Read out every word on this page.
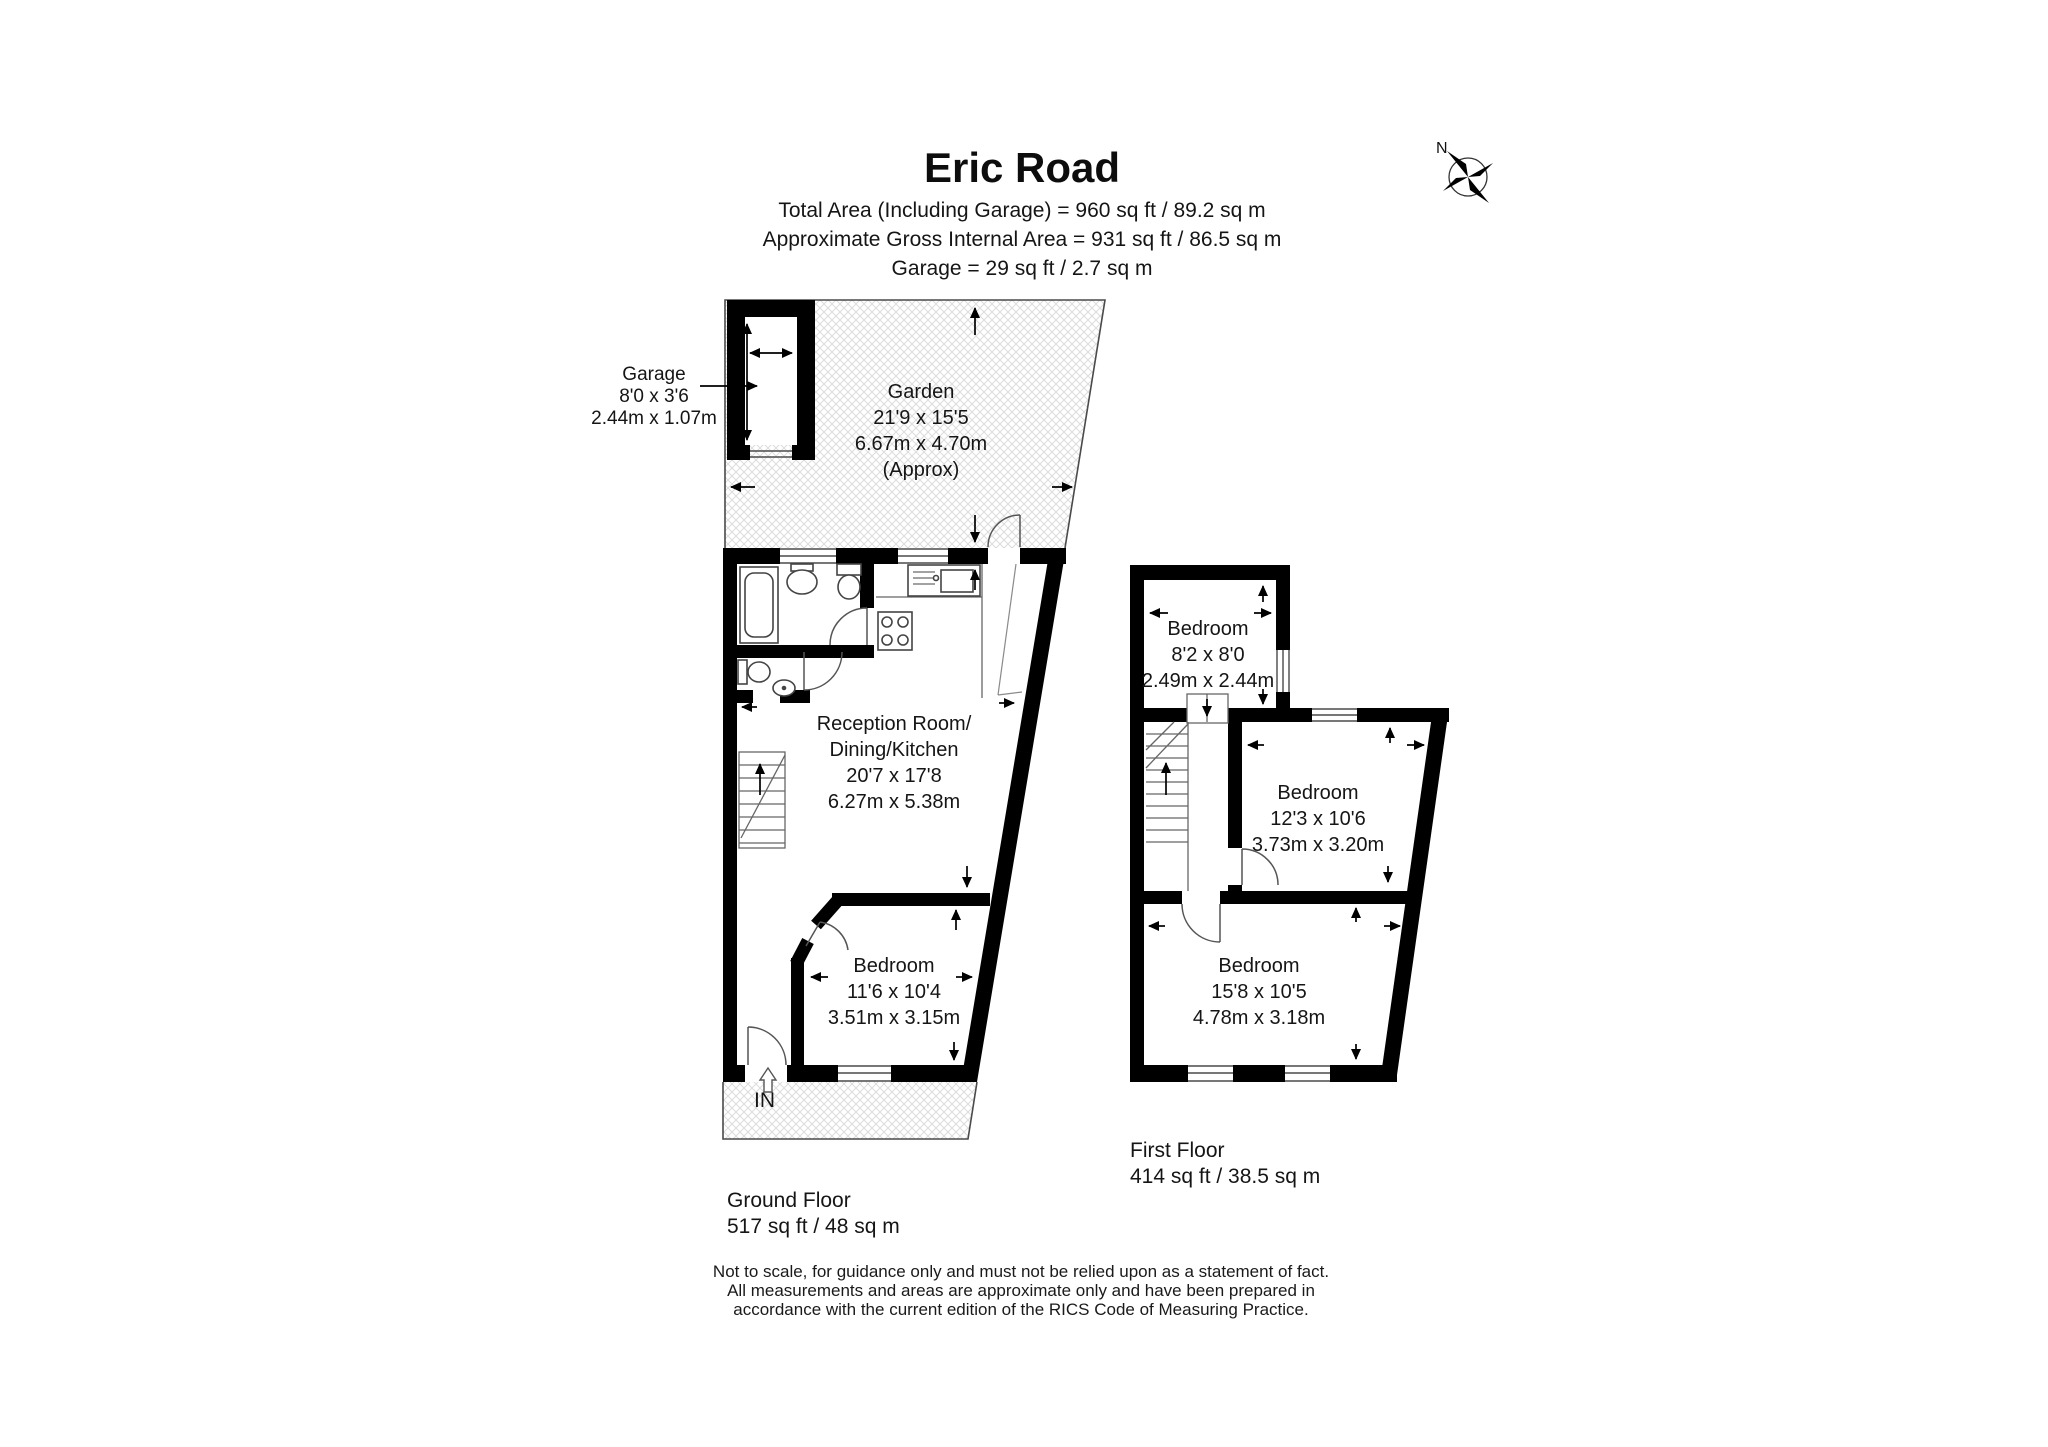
Eric Road
Total Area (Including Garage) = 960 sq ft / 89.2 sq m
Approximate Gross Internal Area = 931 sq ft / 86.5 sq m
Garage = 29 sq ft / 2.7 sq m
N
Garage
8'0 x 3'6
2.44m x 1.07m
Garden
21'9 x 15'5
6.67m x 4.70m
(Approx)
Reception Room/
Dining/Kitchen
20'7 x 17'8
6.27m x 5.38m
Bedroom
11'6 x 10'4
3.51m x 3.15m
IN
Bedroom
8'2 x 8'0
2.49m x 2.44m
Bedroom
12'3 x 10'6
3.73m x 3.20m
Bedroom
15'8 x 10'5
4.78m x 3.18m
Ground Floor
517 sq ft / 48 sq m
First Floor
414 sq ft / 38.5 sq m
Not to scale, for guidance only and must not be relied upon as a statement of fact.
All measurements and areas are approximate only and have been prepared in
accordance with the current edition of the RICS Code of Measuring Practice.
